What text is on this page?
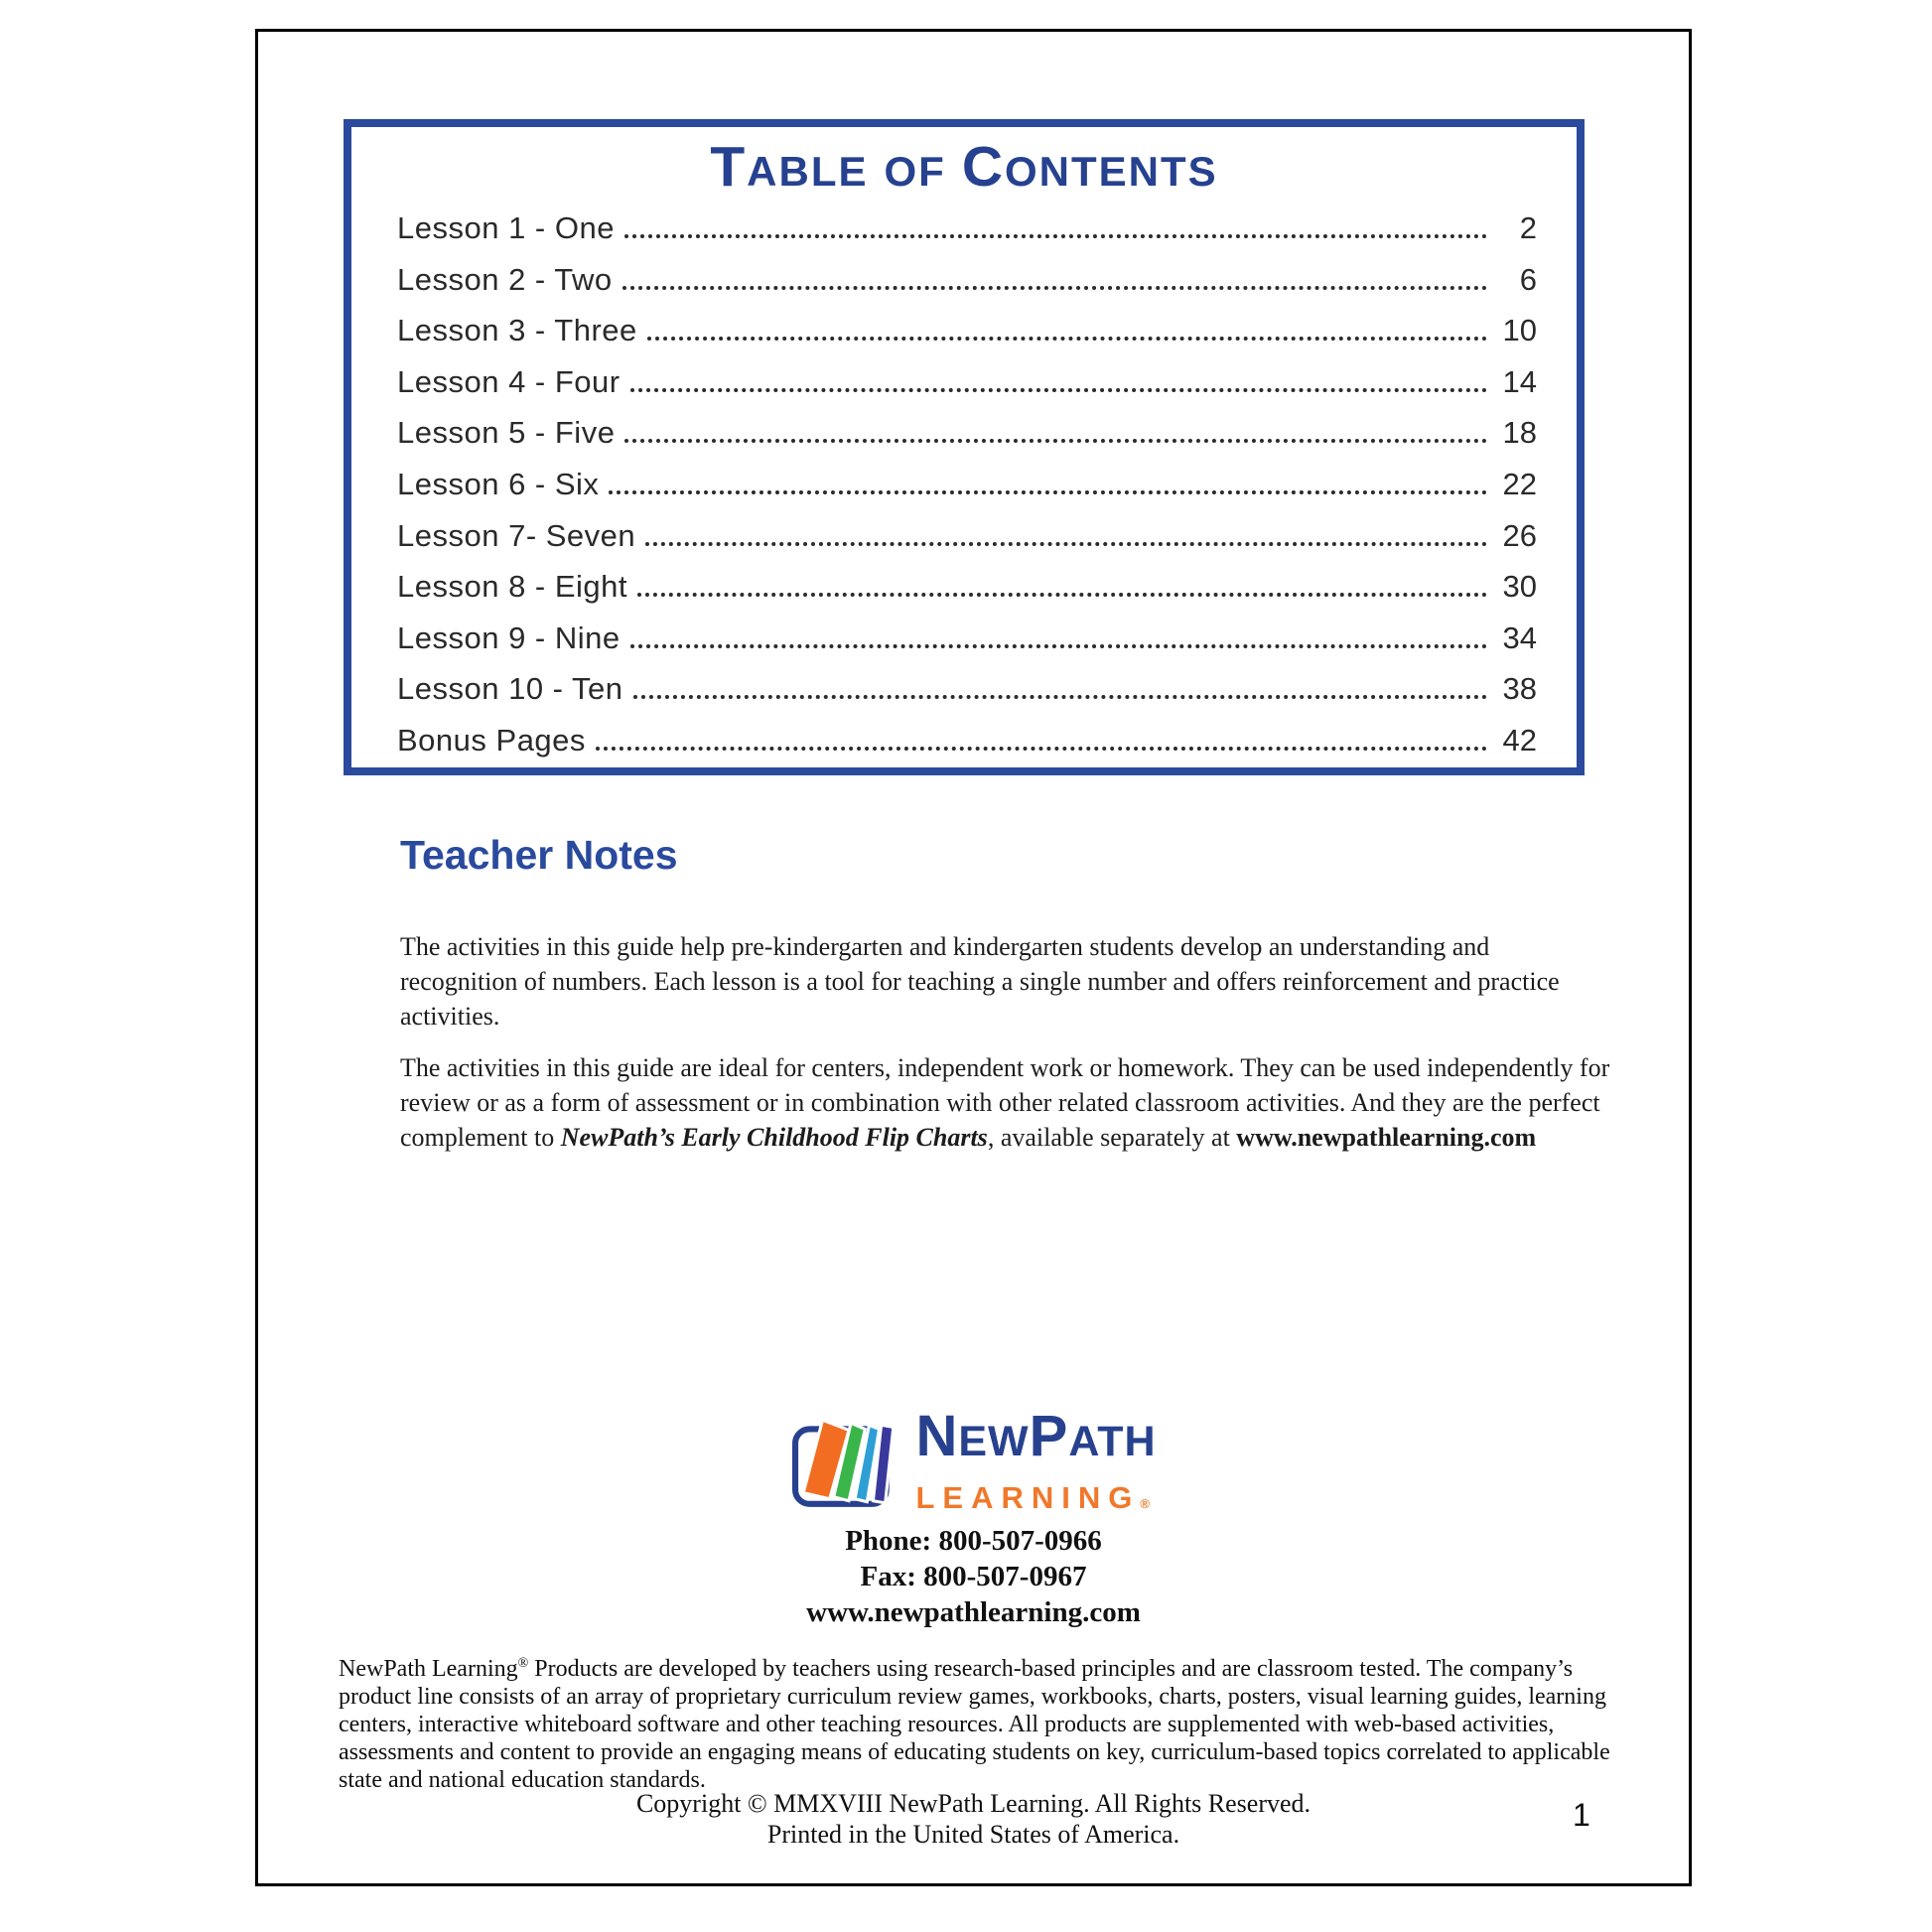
TABLE OF CONTENTS
Lesson 1 - One	2
Lesson 2 - Two	6
Lesson 3 - Three	10
Lesson 4 - Four	14
Lesson 5 - Five	18
Lesson 6 - Six	22
Lesson 7- Seven	26
Lesson 8 - Eight	30
Lesson 9 - Nine	34
Lesson 10 - Ten	38
Bonus Pages	42
Teacher Notes

The activities in this guide help pre-kindergarten and kindergarten students develop an understanding and recognition of numbers. Each lesson is a tool for teaching a single number and offers reinforcement and practice activities.

The activities in this guide are ideal for centers, independent work or homework. They can be used independently for review or as a form of assessment or in combination with other related classroom activities. And they are the perfect complement to NewPath’s Early Childhood Flip Charts, available separately at www.newpathlearning.com

NEWPATH
LEARNING®
Phone: 800-507-0966
Fax: 800-507-0967
www.newpathlearning.com

NewPath Learning® Products are developed by teachers using research-based principles and are classroom tested. The company’s product line consists of an array of proprietary curriculum review games, workbooks, charts, posters, visual learning guides, learning centers, interactive whiteboard software and other teaching resources. All products are supplemented with web-based activities, assessments and content to provide an engaging means of educating students on key, curriculum-based topics correlated to applicable state and national education standards.

Copyright © MMXVIII NewPath Learning. All Rights Reserved.
Printed in the United States of America.
1
